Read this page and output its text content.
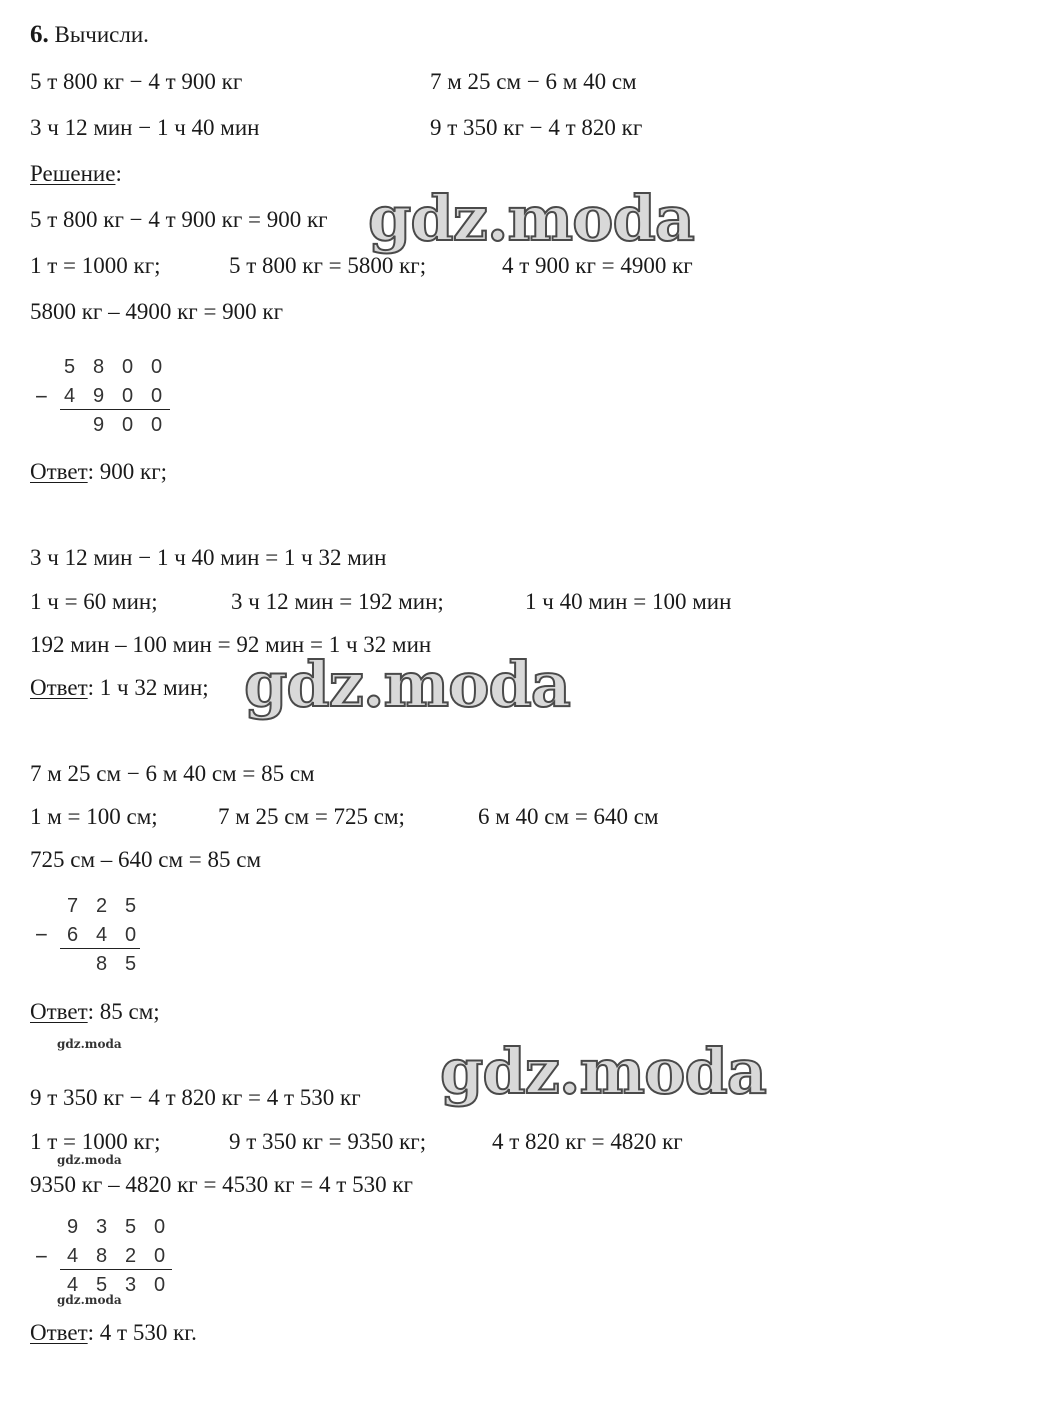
6. Вычисли.
5 т 800 кг − 4 т 900 кг	7 м 25 см − 6 м 40 см
3 ч 12 мин − 1 ч 40 мин	9 т 350 кг − 4 т 820 кг
Решение:
5 т 800 кг − 4 т 900 кг = 900 кг
1 т = 1000 кг;	5 т 800 кг = 5800 кг;	4 т 900 кг = 4900 кг
5800 кг – 4900 кг = 900 кг
5 8 0 0
− 4 9 0 0
9 0 0
Ответ: 900 кг;
3 ч 12 мин − 1 ч 40 мин = 1 ч 32 мин
1 ч = 60 мин;	3 ч 12 мин = 192 мин;	1 ч 40 мин = 100 мин
192 мин – 100 мин = 92 мин = 1 ч 32 мин
Ответ: 1 ч 32 мин;
7 м 25 см − 6 м 40 см = 85 см
1 м = 100 см;	7 м 25 см = 725 см;	6 м 40 см = 640 см
725 см – 640 см = 85 см
7 2 5
− 6 4 0
8 5
Ответ: 85 см;
9 т 350 кг − 4 т 820 кг = 4 т 530 кг
1 т = 1000 кг;	9 т 350 кг = 9350 кг;	4 т 820 кг = 4820 кг
9350 кг – 4820 кг = 4530 кг = 4 т 530 кг
9 3 5 0
− 4 8 2 0
4 5 3 0
Ответ: 4 т 530 кг.
gdz.moda
gdz.moda
gdz.moda
gdz.moda
gdz.moda
gdz.moda
